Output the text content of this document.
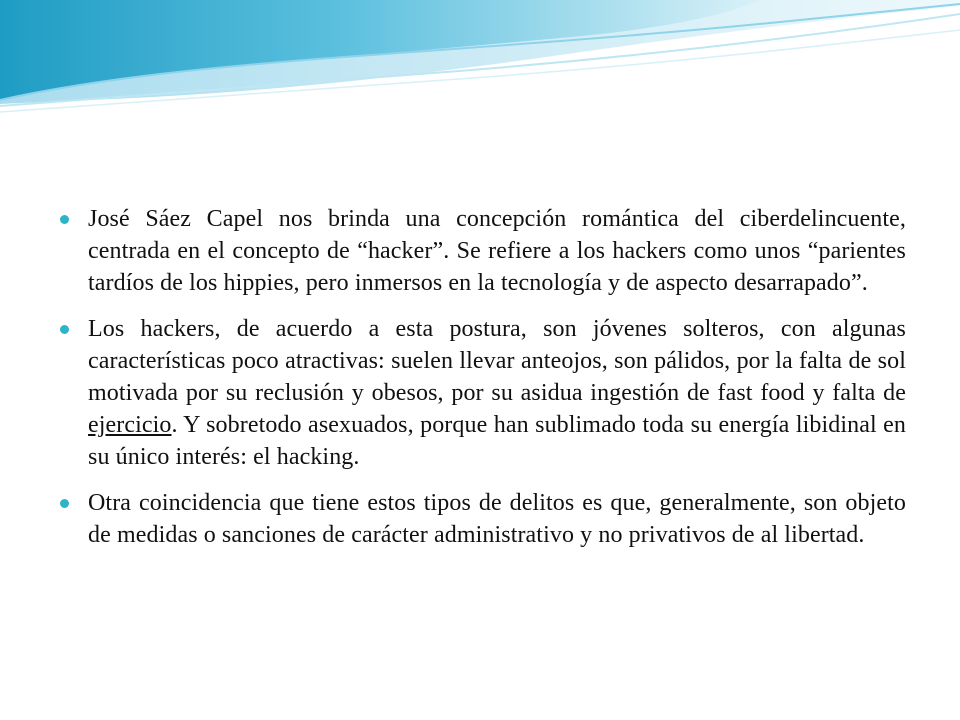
José Sáez Capel nos brinda una concepción romántica del ciberdelincuente, centrada en el concepto de “hacker”. Se refiere a los hackers como unos “parientes tardíos de los hippies, pero inmersos en la tecnología y de aspecto desarrapado”.
Los hackers, de acuerdo a esta postura, son jóvenes solteros, con algunas características poco atractivas: suelen llevar anteojos, son pálidos, por la falta de sol motivada por su reclusión y obesos, por su asidua ingestión de fast food y falta de ejercicio. Y sobretodo asexuados, porque han sublimado toda su energía libidinal en su único interés: el hacking.
Otra coincidencia que tiene estos tipos de delitos es que, generalmente, son objeto de medidas o sanciones de carácter administrativo y no privativos de al libertad.
